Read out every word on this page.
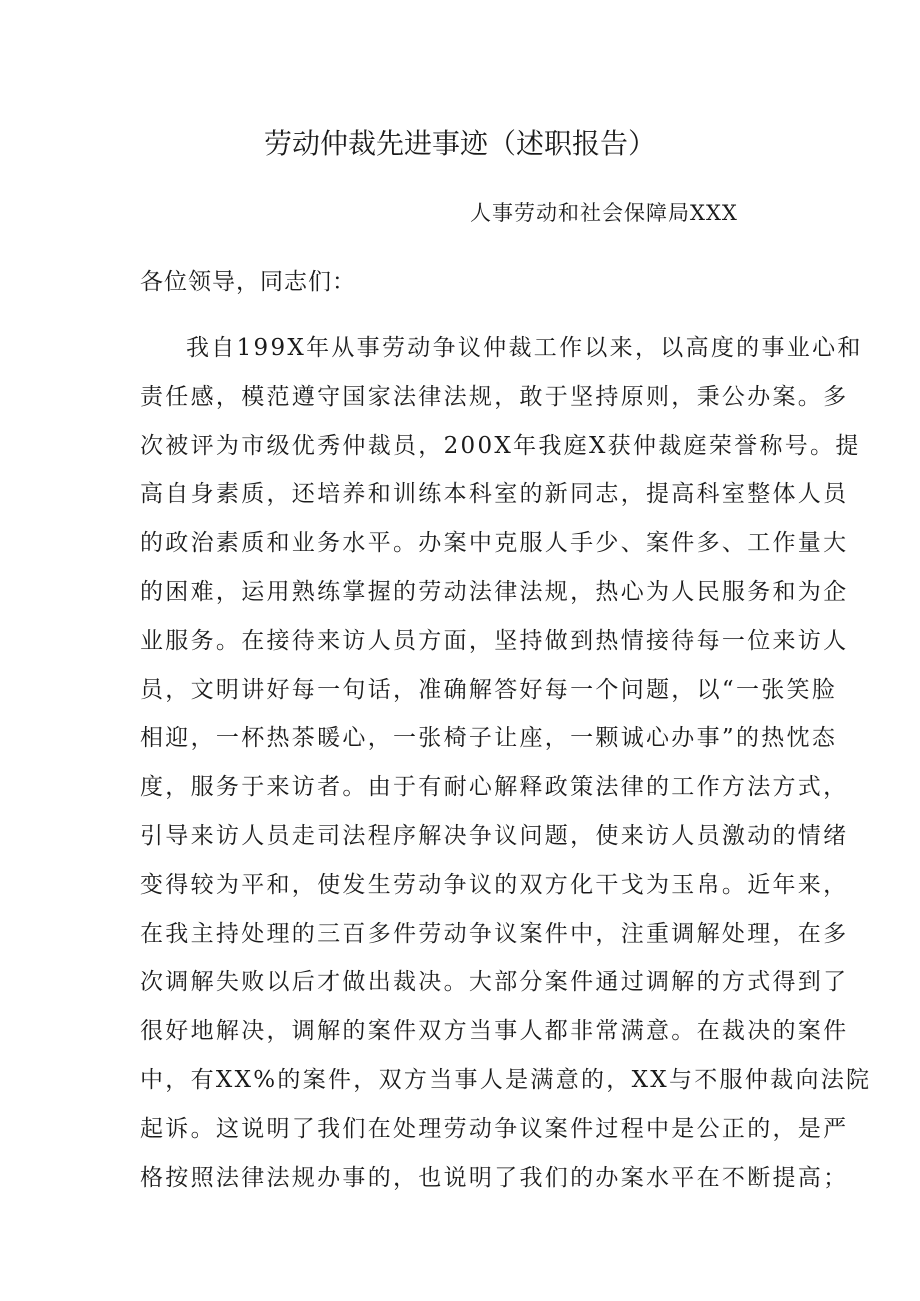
劳动仲裁先进事迹（述职报告）
人事劳动和社会保障局XXX
各位领导，同志们：
我自199X年从事劳动争议仲裁工作以来，以高度的事业心和
责任感，模范遵守国家法律法规，敢于坚持原则，秉公办案。多
次被评为市级优秀仲裁员，200X年我庭X获仲裁庭荣誉称号。提
高自身素质，还培养和训练本科室的新同志，提高科室整体人员
的政治素质和业务水平。办案中克服人手少、案件多、工作量大
的困难，运用熟练掌握的劳动法律法规，热心为人民服务和为企
业服务。在接待来访人员方面，坚持做到热情接待每一位来访人
员，文明讲好每一句话，准确解答好每一个问题，以“一张笑脸
相迎，一杯热茶暖心，一张椅子让座，一颗诚心办事”的热忱态
度，服务于来访者。由于有耐心解释政策法律的工作方法方式，
引导来访人员走司法程序解决争议问题，使来访人员激动的情绪
变得较为平和，使发生劳动争议的双方化干戈为玉帛。近年来，
在我主持处理的三百多件劳动争议案件中，注重调解处理，在多
次调解失败以后才做出裁决。大部分案件通过调解的方式得到了
很好地解决，调解的案件双方当事人都非常满意。在裁决的案件
中，有XX%的案件，双方当事人是满意的，XX与不服仲裁向法院
起诉。这说明了我们在处理劳动争议案件过程中是公正的，是严
格按照法律法规办事的，也说明了我们的办案水平在不断提高；
